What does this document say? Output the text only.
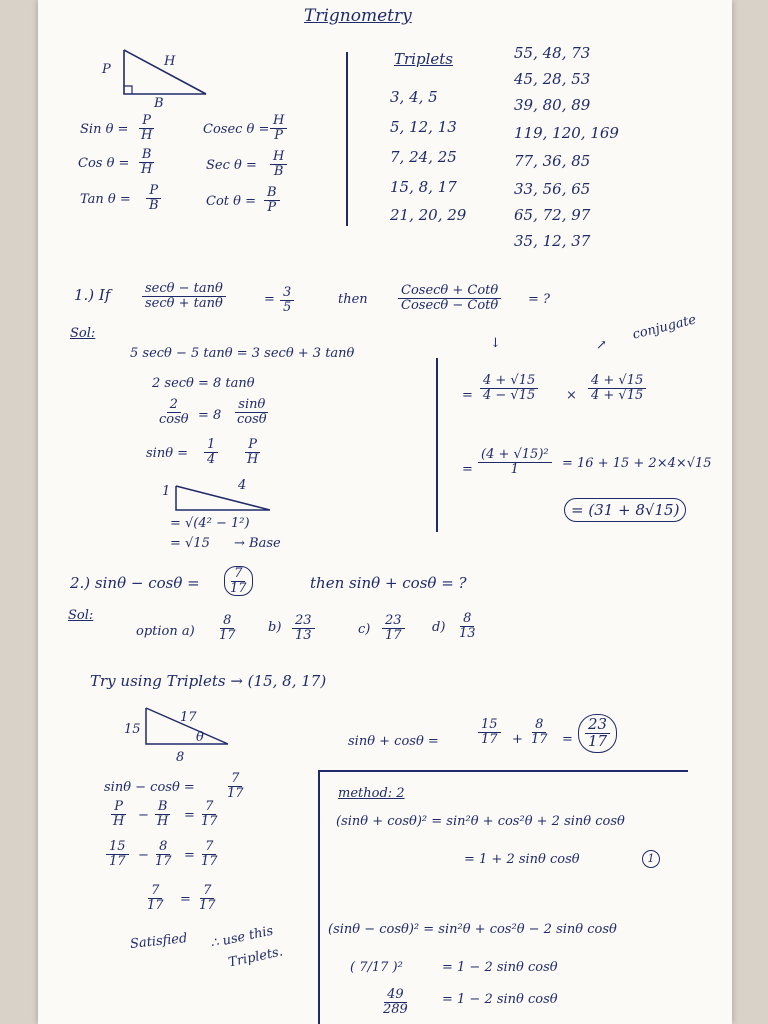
Trignometry
P
H
B
Sin $\theta = \frac{P}{H}$	Cosec $\theta = \frac{H}{P}$
Cos $\theta = \frac{B}{H}$	Sec $\theta = \frac{H}{B}$
Tan $\theta = \frac{P}{B}$	Cot $\theta = \frac{B}{P}$
Triplets
3, 4, 5
5, 12, 13
7, 24, 25
15, 8, 17
21, 20, 29
55, 48, 73
45, 28, 53
39, 80, 89
119, 120, 169
77, 36, 85
33, 56, 65
65, 72, 97
35, 12, 37
1.) If	secθ − tanθ
secθ + tanθ	= $\frac{3}{5}$	then
Cosecθ + Cotθ
Cosecθ − Cotθ = ?
Sol:
5 secθ − 5 tanθ = 3 secθ + 3 tanθ
2 secθ = 8 tanθ
$\frac{2}{\cos\theta} = 8 \frac{\sin\theta}{\cos\theta}$
$\sin\theta = \frac{1}{4} \frac{P}{H}$
1	4
= √(4² − 1²)
= √15 → Base
↓
= $\frac{4 + √15}{4 - √15} \times \frac{4 + √15}{4 + √15}$
conjugate
↗
= $\frac{\text{(4 + √15)²}}{1} = 16 + 15 + 2\times 4\times√15$
= (31 + 8√15)
2.) $\sin\theta - \cos\theta = \frac{7}{17}$	then sinθ + cosθ = ?
Sol:
option $a) \frac{8}{17} b) \frac{23}{13}$	$c) \frac{23}{17} d) \frac{8}{13}$
Try using Triplets → (15, 8, 17)
15
17
8
θ	sinθ + cosθ =	$\frac{15}{17} + \frac{8}{17} = \frac{23}{17}$
$\sin\theta - \cos\theta = \frac{7}{17}$
$\frac{P}{H} - \frac{B}{H} = \frac{7}{17}$
$\frac{15}{17} - \frac{8}{17} = \frac{7}{17}$
$\frac{7}{17} = \frac{7}{17}$
Satisfied ∴ use this
Triplets.
method: 2
(sinθ + cosθ)² = sin²θ + cos²θ + 2 sinθ cosθ
= 1 + 2 sinθ cosθ	1
(sinθ − cosθ)² = sin²θ + cos²θ − 2 sinθ cosθ
( 7/17 )²	= 1 − 2 sinθ cosθ
$\frac{49}{289} = 1 - 2$ sinθ cosθ
